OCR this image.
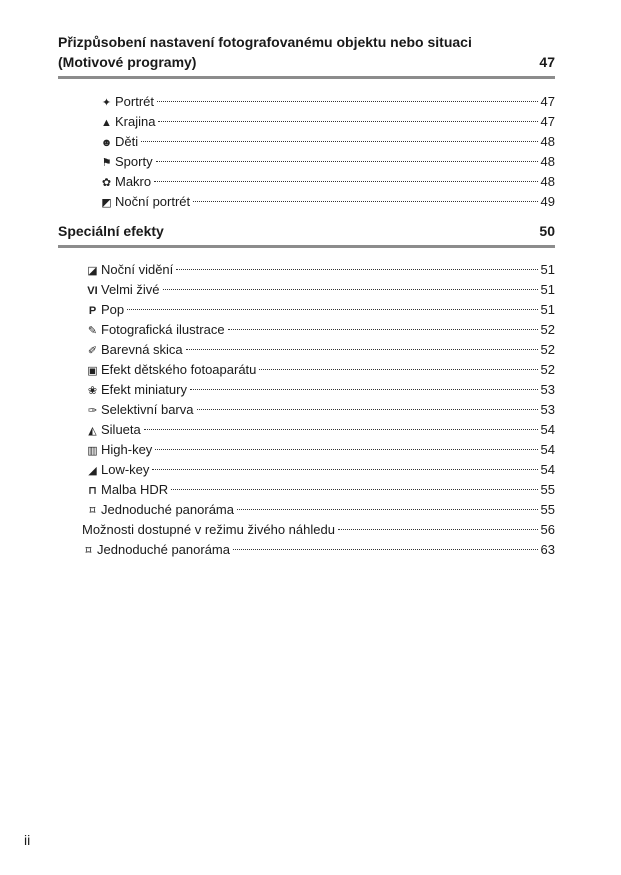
Přizpůsobení nastavení fotografovanému objektu nebo situaci
(Motivové programy)	47
✦ Portrét	47
▲ Krajina	47
☻ Děti	48
⚑ Sporty	48
✿ Makro	48
◩ Noční portrét	49
Speciální efekty	50
◪ Noční vidění	51
VI Velmi živé	51
P Pop	51
✎ Fotografická ilustrace	52
✐ Barevná skica	52
▣ Efekt dětského fotoaparátu	52
❀ Efekt miniatury	53
✑ Selektivní barva	53
◭ Silueta	54
▥ High-key	54
◢ Low-key	54
⊓ Malba HDR	55
⌑ Jednoduché panoráma	55
Možnosti dostupné v režimu živého náhledu	56
⌑ Jednoduché panoráma	63
ii
